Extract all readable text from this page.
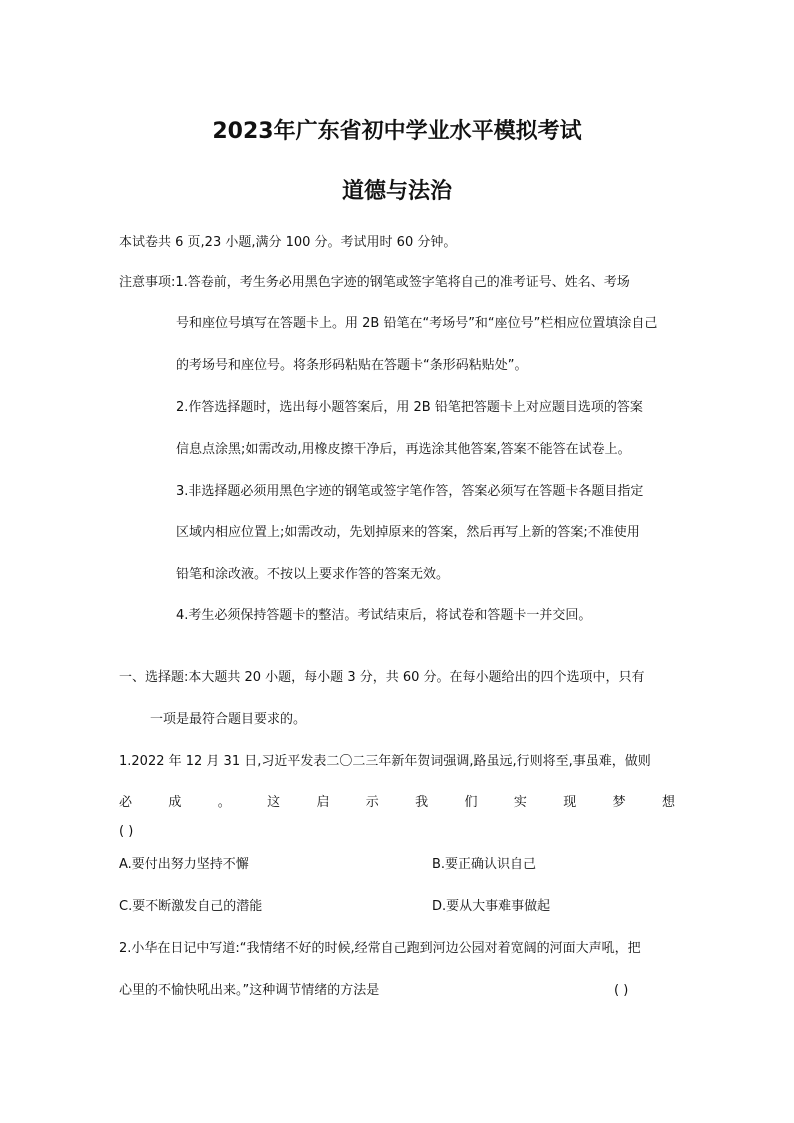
2023年广东省初中学业水平模拟考试
道德与法治
本试卷共 6 页,23 小题,满分 100 分。考试用时 60 分钟。
注意事项:1.答卷前，考生务必用黑色字迹的钢笔或签字笔将自己的准考证号、姓名、考场
号和座位号填写在答题卡上。用 2B 铅笔在“考场号”和“座位号”栏相应位置填涂自己
的考场号和座位号。将条形码粘贴在答题卡“条形码粘贴处”。
2.作答选择题时，选出每小题答案后，用 2B 铅笔把答题卡上对应题目选项的答案
信息点涂黑;如需改动,用橡皮擦干净后，再选涂其他答案,答案不能答在试卷上。
3.非选择题必须用黑色字迹的钢笔或签字笔作答，答案必须写在答题卡各题目指定
区域内相应位置上;如需改动，先划掉原来的答案，然后再写上新的答案;不准使用
铅笔和涂改液。不按以上要求作答的答案无效。
4.考生必须保持答题卡的整洁。考试结束后，将试卷和答题卡一并交回。
一、选择题:本大题共 20 小题，每小题 3 分，共 60 分。在每小题给出的四个选项中，只有
一项是最符合题目要求的。
1.2022 年 12 月 31 日,习近平发表二〇二三年新年贺词强调,路虽远,行则将至,事虽难，做则
必	成	。	这	启	示	我	们	实	现	梦	想
( )
A.要付出努力坚持不懈	B.要正确认识自己
C.要不断激发自己的潜能	D.要从大事难事做起
2.小华在日记中写道:“我情绪不好的时候,经常自己跑到河边公园对着宽阔的河面大声吼，把
心里的不愉快吼出来。”这种调节情绪的方法是	( )
